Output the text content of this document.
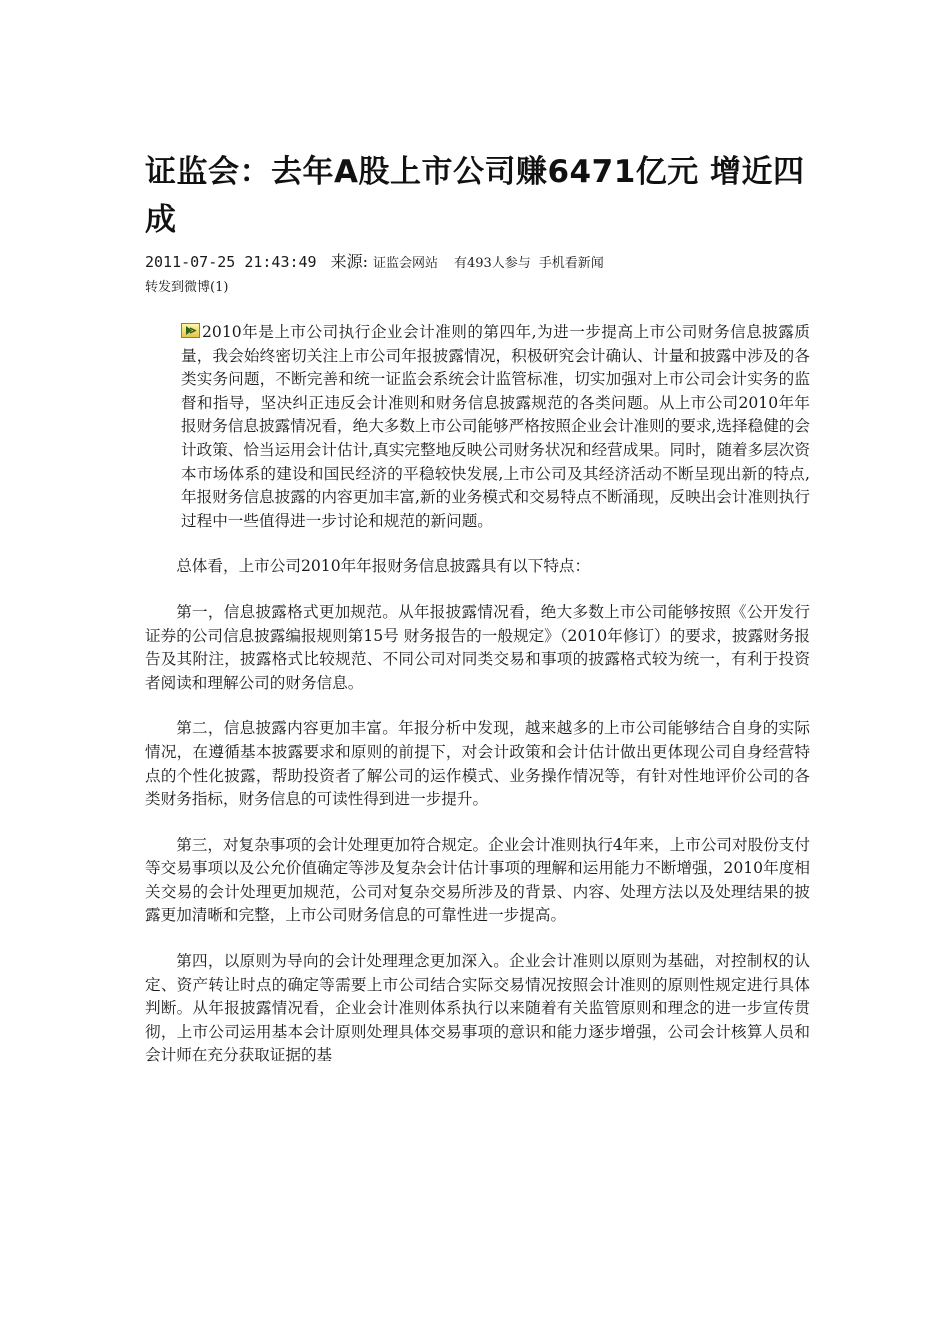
证监会：去年A股上市公司赚6471亿元 增近四成
2011-07-25 21:43:49 来源: 证监会网站 有493人参与 手机看新闻
转发到微博(1)

2010年是上市公司执行企业会计准则的第四年,为进一步提高上市公司财务信息披露质量，我会始终密切关注上市公司年报披露情况，积极研究会计确认、计量和披露中涉及的各类实务问题，不断完善和统一证监会系统会计监管标准，切实加强对上市公司会计实务的监督和指导，坚决纠正违反会计准则和财务信息披露规范的各类问题。从上市公司2010年年报财务信息披露情况看，绝大多数上市公司能够严格按照企业会计准则的要求,选择稳健的会计政策、恰当运用会计估计,真实完整地反映公司财务状况和经营成果。同时，随着多层次资本市场体系的建设和国民经济的平稳较快发展,上市公司及其经济活动不断呈现出新的特点,年报财务信息披露的内容更加丰富,新的业务模式和交易特点不断涌现，反映出会计准则执行过程中一些值得进一步讨论和规范的新问题。

总体看，上市公司2010年年报财务信息披露具有以下特点：

第一，信息披露格式更加规范。从年报披露情况看，绝大多数上市公司能够按照《公开发行证券的公司信息披露编报规则第15号 财务报告的一般规定》（2010年修订）的要求，披露财务报告及其附注，披露格式比较规范、不同公司对同类交易和事项的披露格式较为统一，有利于投资者阅读和理解公司的财务信息。

第二，信息披露内容更加丰富。年报分析中发现，越来越多的上市公司能够结合自身的实际情况，在遵循基本披露要求和原则的前提下，对会计政策和会计估计做出更体现公司自身经营特点的个性化披露，帮助投资者了解公司的运作模式、业务操作情况等，有针对性地评价公司的各类财务指标，财务信息的可读性得到进一步提升。

第三，对复杂事项的会计处理更加符合规定。企业会计准则执行4年来，上市公司对股份支付等交易事项以及公允价值确定等涉及复杂会计估计事项的理解和运用能力不断增强，2010年度相关交易的会计处理更加规范，公司对复杂交易所涉及的背景、内容、处理方法以及处理结果的披露更加清晰和完整，上市公司财务信息的可靠性进一步提高。

第四，以原则为导向的会计处理理念更加深入。企业会计准则以原则为基础，对控制权的认定、资产转让时点的确定等需要上市公司结合实际交易情况按照会计准则的原则性规定进行具体判断。从年报披露情况看，企业会计准则体系执行以来随着有关监管原则和理念的进一步宣传贯彻，上市公司运用基本会计原则处理具体交易事项的意识和能力逐步增强，公司会计核算人员和会计师在充分获取证据的基
